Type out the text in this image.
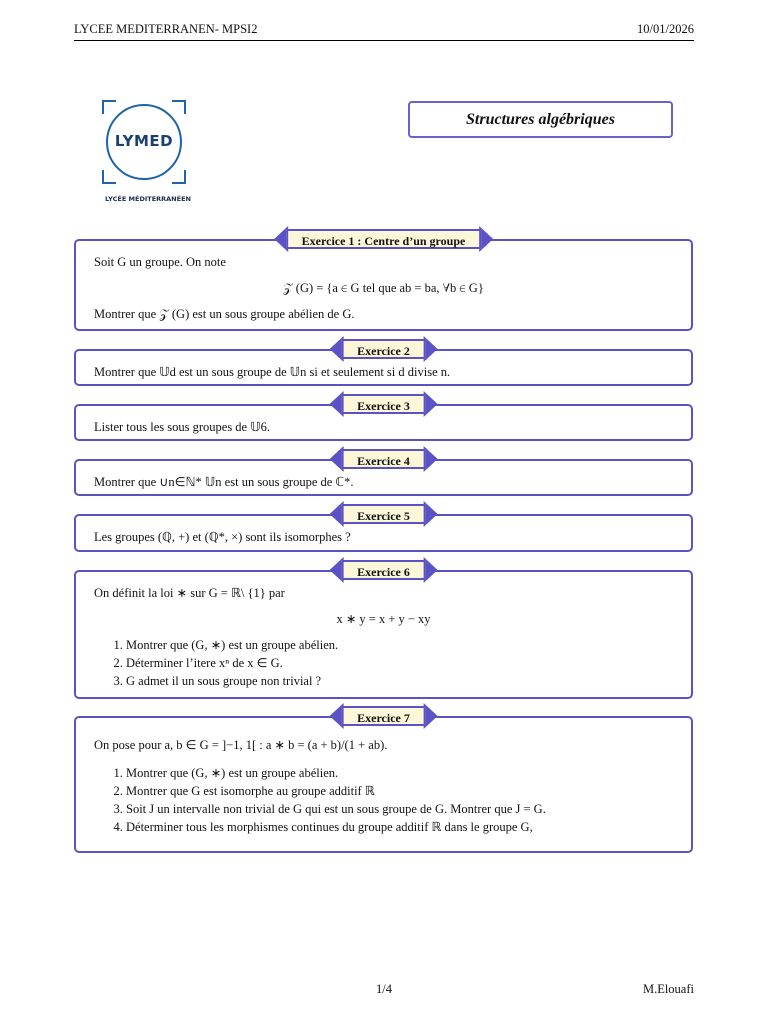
LYCEE MEDITERRANEN- MPSI2	10/01/2026
LYMED
LYCÉE MÉDITERRANÉEN
Structures algébriques
Exercice 1 : Centre d’un groupe
Soit G un groupe. On note
𝒵 (G) = {a ∈ G tel que ab = ba, ∀b ∈ G}
Montrer que 𝒵 (G) est un sous groupe abélien de G.
Exercice 2
Montrer que 𝕌d est un sous groupe de 𝕌n si et seulement si d divise n.
Exercice 3
Lister tous les sous groupes de 𝕌6.
Exercice 4
Montrer que ∪n∈ℕ* 𝕌n est un sous groupe de ℂ*.
Exercice 5
Les groupes (ℚ, +) et (ℚ*, ×) sont ils isomorphes ?
Exercice 6
On définit la loi ∗ sur G = ℝ\ {1} par
x ∗ y = x + y − xy
1. Montrer que (G, ∗) est un groupe abélien.
2. Déterminer l’itere xⁿ de x ∈ G.
3. G admet il un sous groupe non trivial ?
Exercice 7
On pose pour a, b ∈ G = ]−1, 1[ : a ∗ b = (a + b)/(1 + ab).
1. Montrer que (G, ∗) est un groupe abélien.
2. Montrer que G est isomorphe au groupe additif ℝ
3. Soit J un intervalle non trivial de G qui est un sous groupe de G. Montrer que J = G.
4. Déterminer tous les morphismes continues du groupe additif ℝ dans le groupe G,
1/4	M.Elouafi
